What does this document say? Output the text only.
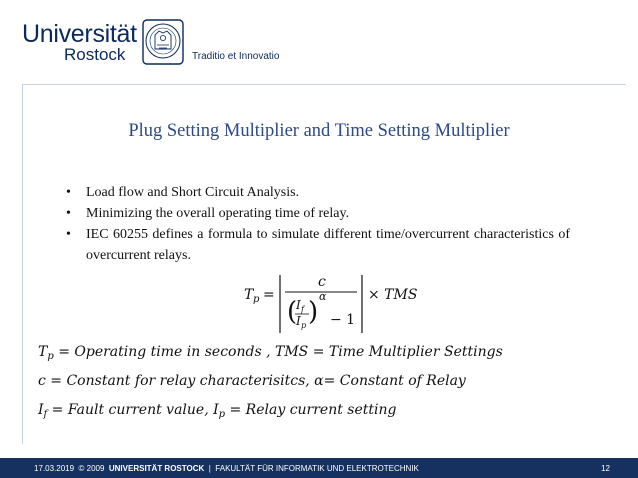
Universität
Rostock	Traditio et Innovatio
Plug Setting Multiplier and Time Setting Multiplier
• Load flow and Short Circuit Analysis.
• Minimizing the overall operating time of relay.
• IEC 60255 defines a formula to simulate different time/overcurrent characteristics of overcurrent relays.
T p =
c
( )
I f
I p
α
− 1
× TMS
$T_p$ = Operating time in seconds , TMS = Time Multiplier Settings
c = Constant for relay characterisitcs, α= Constant of Relay
$I_f$ = Fault current value, $I_p$ = Relay current setting
17.03.2019 © 2009 UNIVERSITÄT ROSTOCK | FAKULTÄT FÜR INFORMATIK UND ELEKTROTECHNIK	12
